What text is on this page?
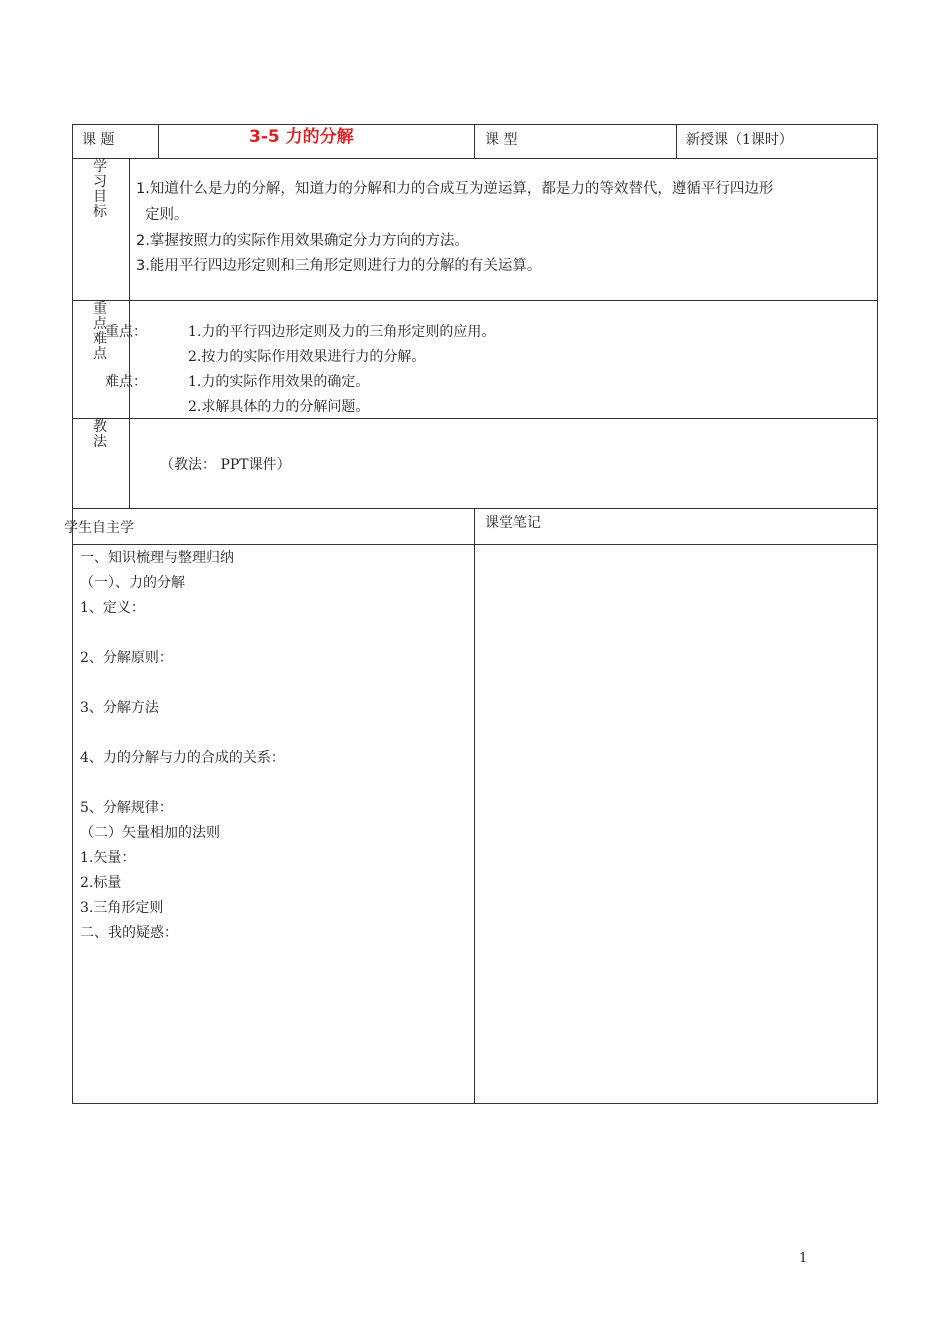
课 题	3-5 力的分解	课 型	新授课（1课时）
学习目标
1.知道什么是力的分解，知道力的分解和力的合成互为逆运算，都是力的等效替代，遵循平行四边形
定则。
2.掌握按照力的实际作用效果确定分力方向的方法。
3.能用平行四边形定则和三角形定则进行力的分解的有关运算。
重点难点
重点：	1.力的平行四边形定则及力的三角形定则的应用。
2.按力的实际作用效果进行力的分解。
难点：	1.力的实际作用效果的确定。
2.求解具体的力的分解问题。
教法
（教法： PPT课件）
学生自主学	课堂笔记
一、知识梳理与整理归纳
（一）、力的分解
1、定义：
2、分解原则：
3、分解方法
4、力的分解与力的合成的关系：
5、分解规律：
（二）矢量相加的法则
1.矢量：
2.标量
3.三角形定则
二、我的疑惑：
1
